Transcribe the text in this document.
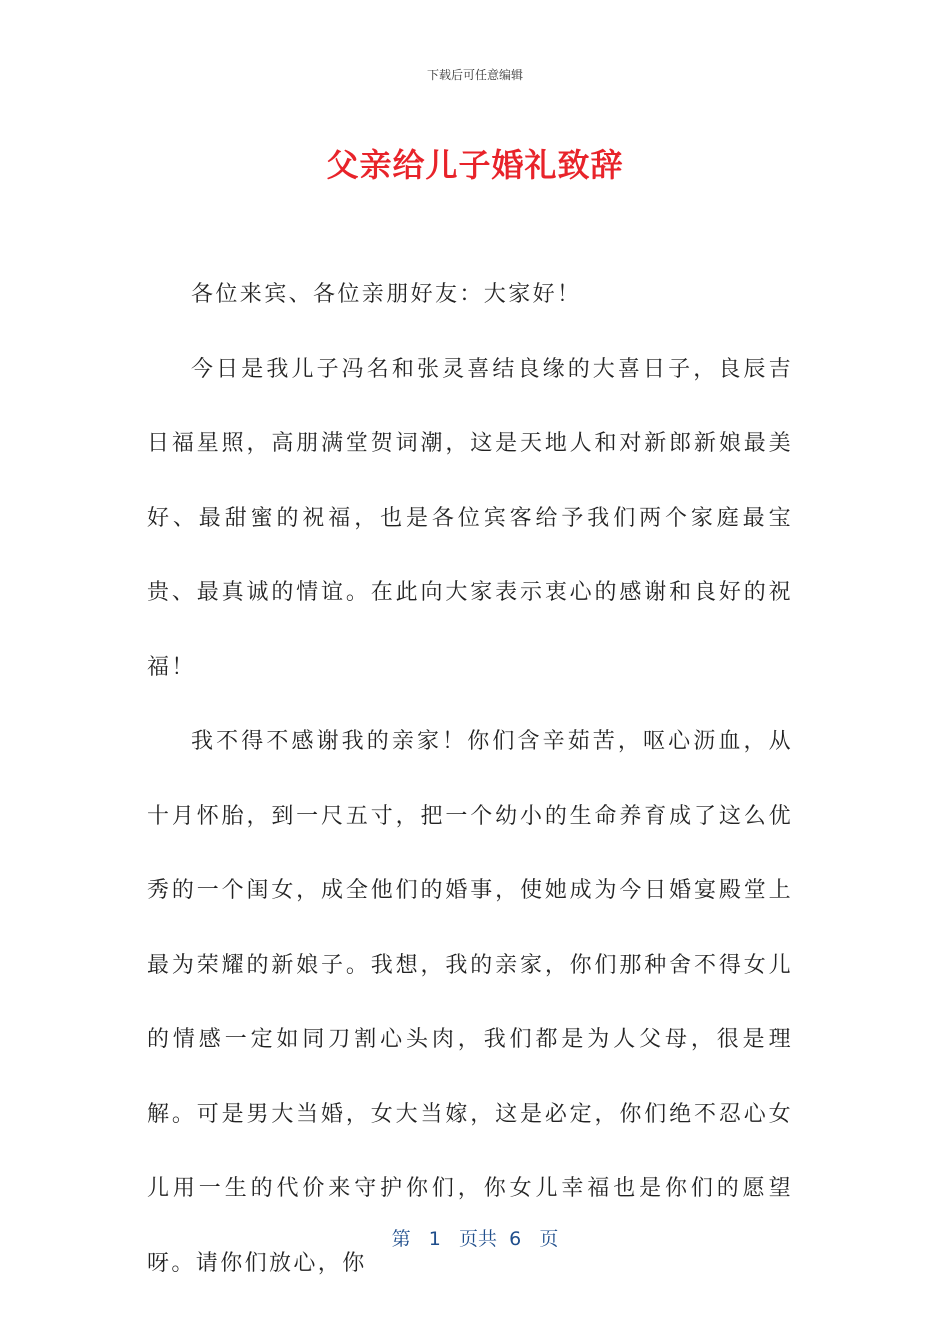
下载后可任意编辑
父亲给儿子婚礼致辞

各位来宾、各位亲朋好友：大家好！

今日是我儿子冯名和张灵喜结良缘的大喜日子，良辰吉日福星照，高朋满堂贺词潮，这是天地人和对新郎新娘最美好、最甜蜜的祝福，也是各位宾客给予我们两个家庭最宝贵、最真诚的情谊。在此向大家表示衷心的感谢和良好的祝福！

我不得不感谢我的亲家！你们含辛茹苦，呕心沥血，从十月怀胎，到一尺五寸，把一个幼小的生命养育成了这么优秀的一个闺女，成全他们的婚事，使她成为今日婚宴殿堂上最为荣耀的新娘子。我想，我的亲家，你们那种舍不得女儿的情感一定如同刀割心头肉，我们都是为人父母，很是理解。可是男大当婚，女大当嫁，这是必定，你们绝不忍心女儿用一生的代价来守护你们，你女儿幸福也是你们的愿望呀。请你们放心，你

第 1 页共 6 页
